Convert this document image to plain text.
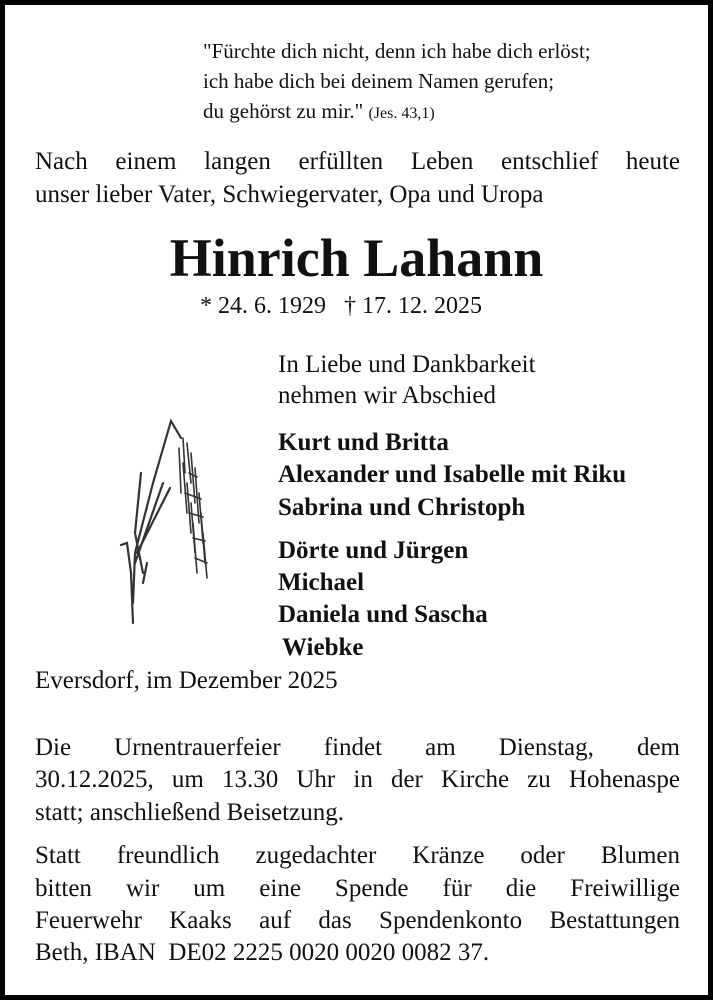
"Fürchte dich nicht, denn ich habe dich erlöst;
ich habe dich bei deinem Namen gerufen;
du gehörst zu mir." (Jes. 43,1)
Nach einem langen erfüllten Leben entschlief heute
unser lieber Vater, Schwiegervater, Opa und Uropa
Hinrich Lahann
* 24. 6. 1929 † 17. 12. 2025
In Liebe und Dankbarkeit
nehmen wir Abschied
Kurt und Britta
Alexander und Isabelle mit Riku
Sabrina und Christoph
Dörte und Jürgen
Michael
Daniela und Sascha
Wiebke
Eversdorf, im Dezember 2025
Die Urnentrauerfeier findet am Dienstag, dem
30.12.2025, um 13.30 Uhr in der Kirche zu Hohenaspe
statt; anschließend Beisetzung.
Statt freundlich zugedachter Kränze oder Blumen
bitten wir um eine Spende für die Freiwillige
Feuerwehr Kaaks auf das Spendenkonto Bestattungen
Beth, IBAN  DE02 2225 0020 0020 0082 37.
